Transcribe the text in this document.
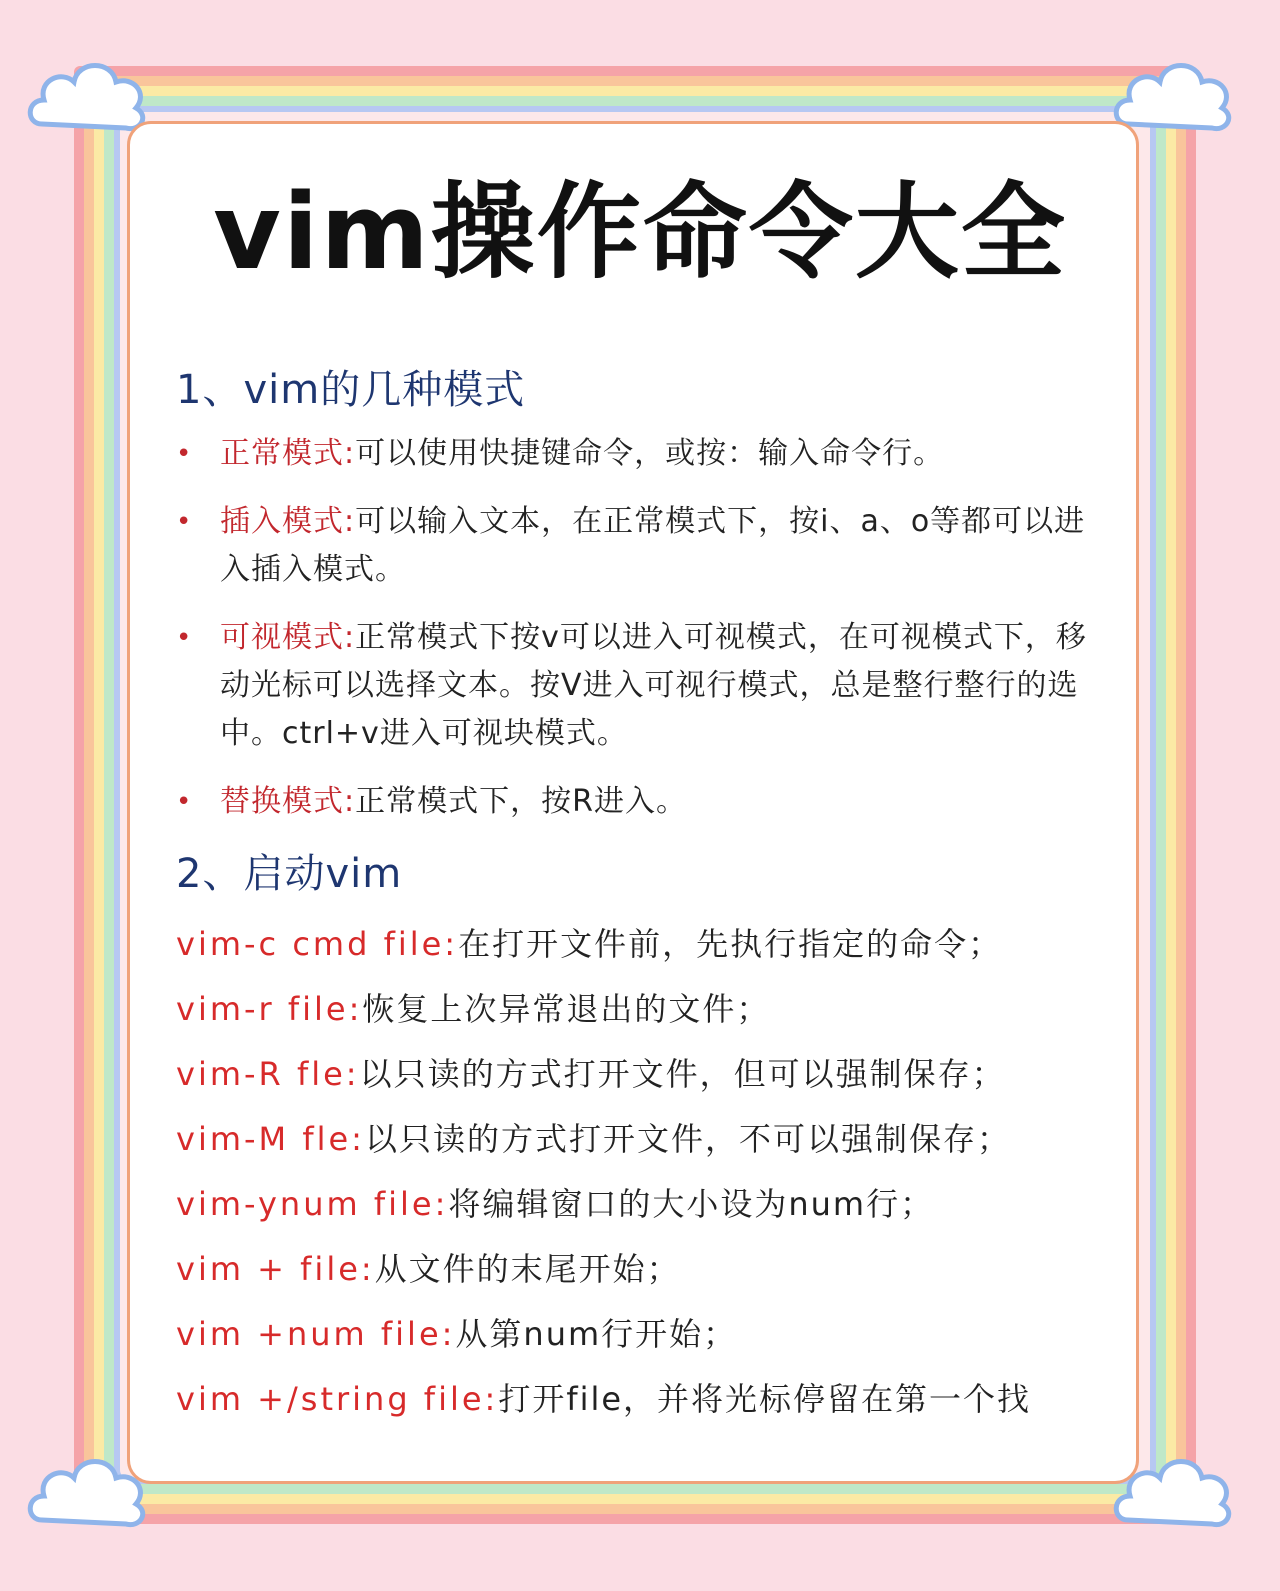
vim操作命令大全
1、vim的几种模式
• 正常模式:可以使用快捷键命令，或按：输入命令行。
• 插入模式:可以输入文本，在正常模式下，按i、a、o等都可以进入插入模式。
• 可视模式:正常模式下按v可以进入可视模式，在可视模式下，移动光标可以选择文本。按V进入可视行模式，总是整行整行的选中。ctrl+v进入可视块模式。
• 替换模式:正常模式下，按R进入。
2、启动vim
vim-c cmd file:在打开文件前，先执行指定的命令；
vim-r file:恢复上次异常退出的文件；
vim-R fle:以只读的方式打开文件，但可以强制保存；
vim-M fle:以只读的方式打开文件，不可以强制保存；
vim-ynum file:将编辑窗口的大小设为num行；
vim + file:从文件的末尾开始；
vim +num file:从第num行开始；
vim +/string file:打开file，并将光标停留在第一个找
